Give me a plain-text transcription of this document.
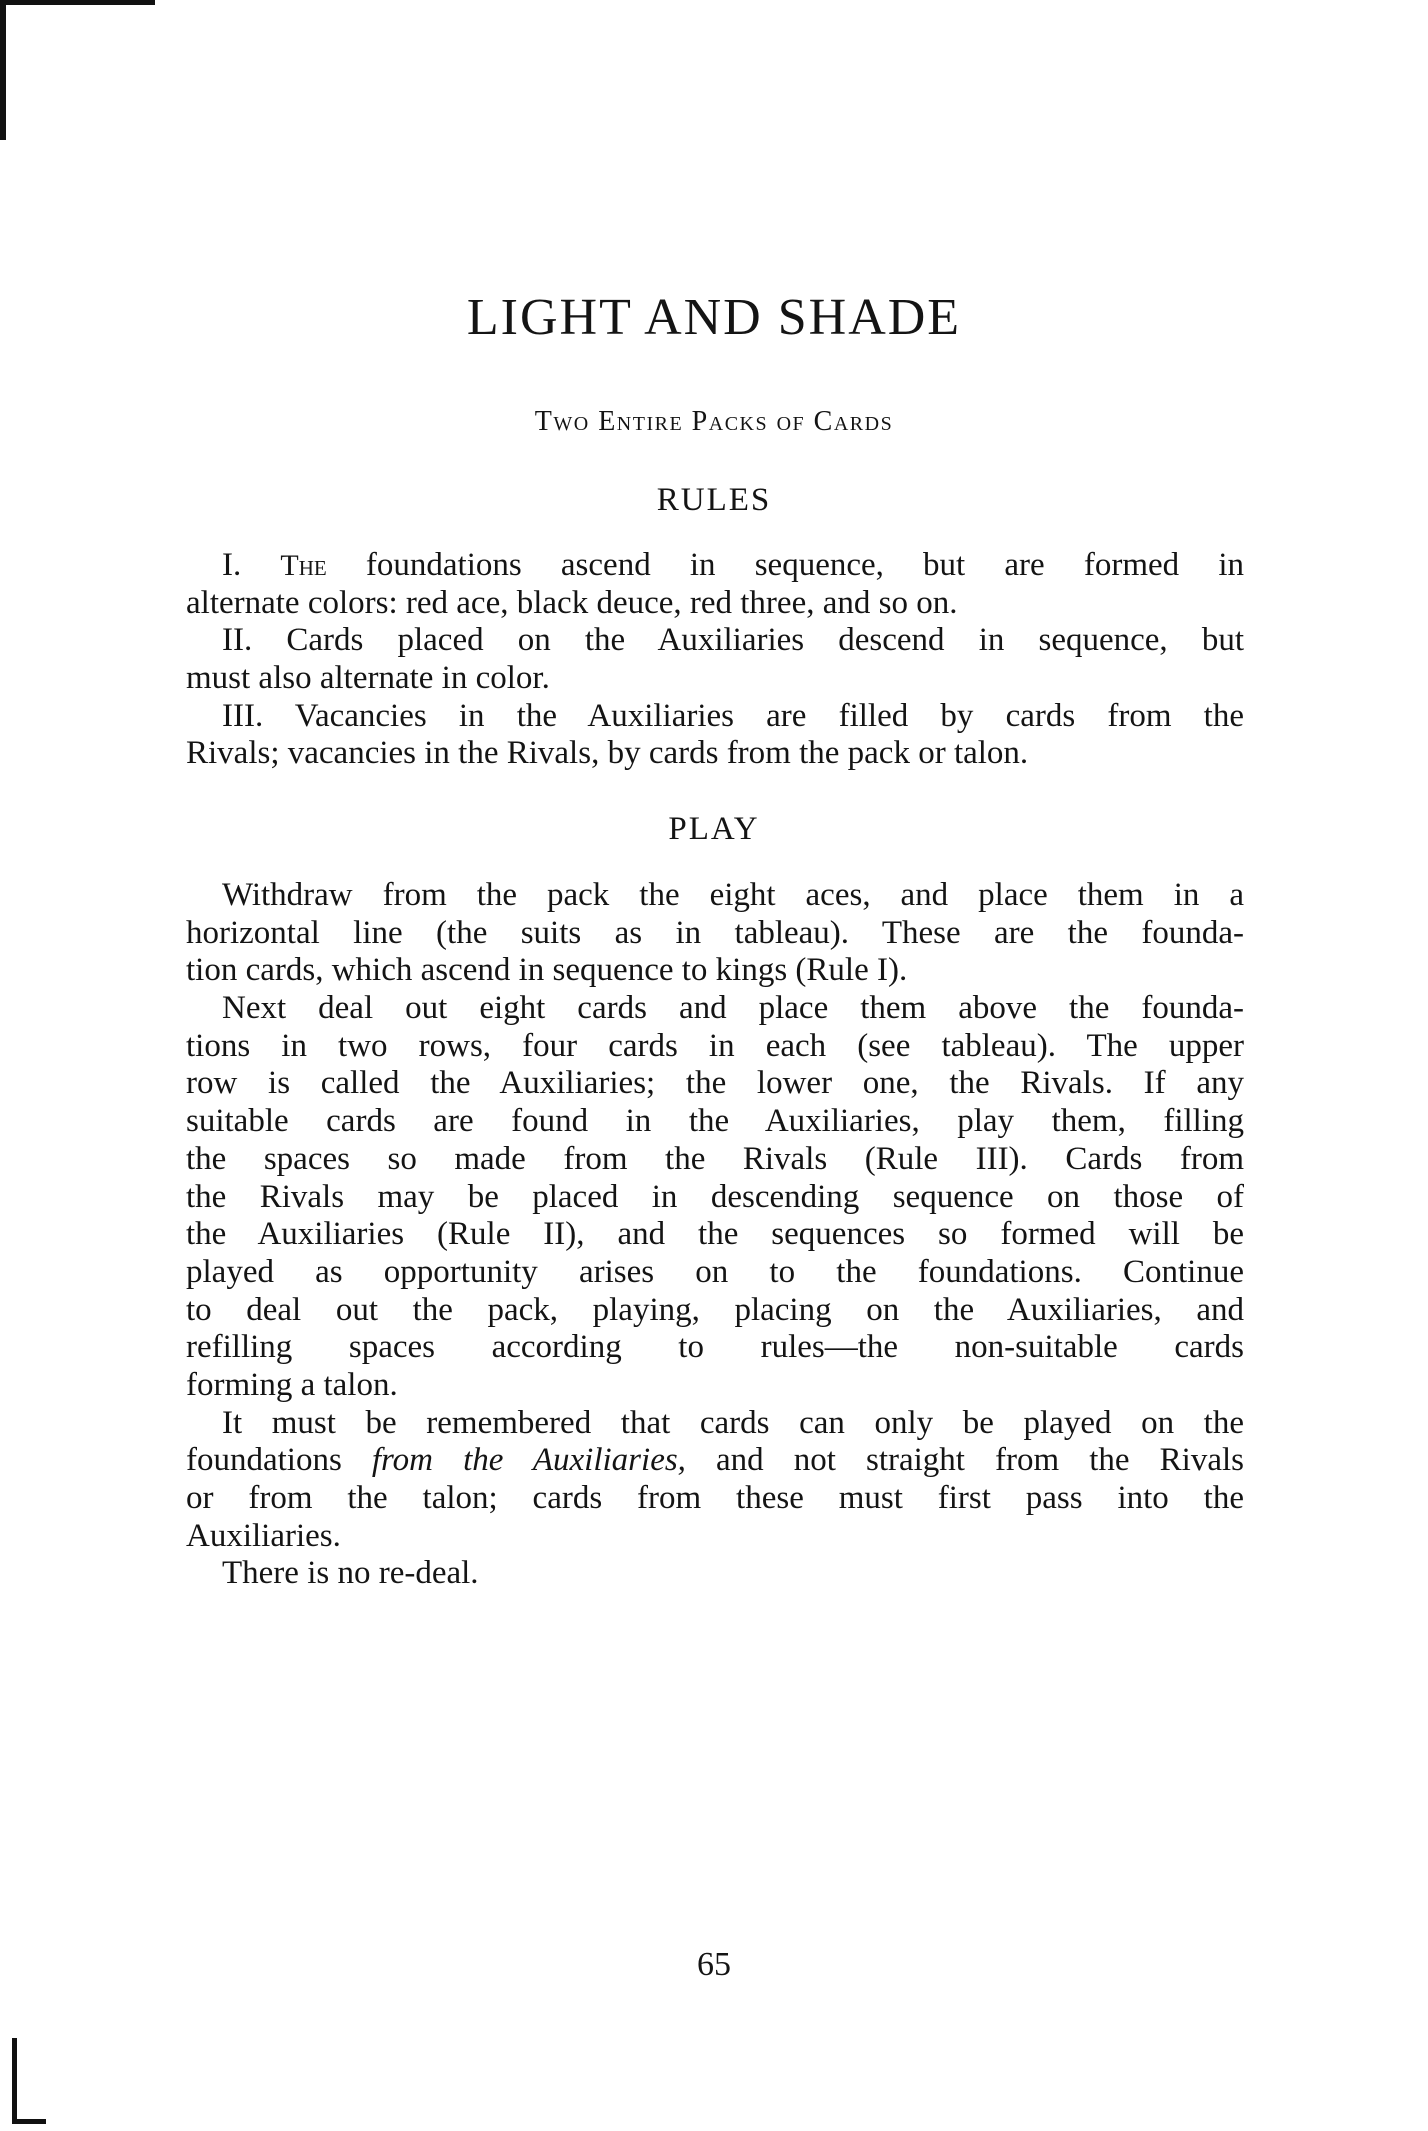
LIGHT AND SHADE
Two Entire Packs of Cards
RULES
I. The foundations ascend in sequence, but are formed in
alternate colors: red ace, black deuce, red three, and so on.
II. Cards placed on the Auxiliaries descend in sequence, but
must also alternate in color.
III. Vacancies in the Auxiliaries are filled by cards from the
Rivals; vacancies in the Rivals, by cards from the pack or talon.
PLAY
Withdraw from the pack the eight aces, and place them in a
horizontal line (the suits as in tableau). These are the founda-
tion cards, which ascend in sequence to kings (Rule I).
Next deal out eight cards and place them above the founda-
tions in two rows, four cards in each (see tableau). The upper
row is called the Auxiliaries; the lower one, the Rivals. If any
suitable cards are found in the Auxiliaries, play them, filling
the spaces so made from the Rivals (Rule III). Cards from
the Rivals may be placed in descending sequence on those of
the Auxiliaries (Rule II), and the sequences so formed will be
played as opportunity arises on to the foundations. Continue
to deal out the pack, playing, placing on the Auxiliaries, and
refilling spaces according to rules—the non-suitable cards
forming a talon.
It must be remembered that cards can only be played on the
foundations from the Auxiliaries, and not straight from the Rivals
or from the talon; cards from these must first pass into the
Auxiliaries.
There is no re-deal.
65
